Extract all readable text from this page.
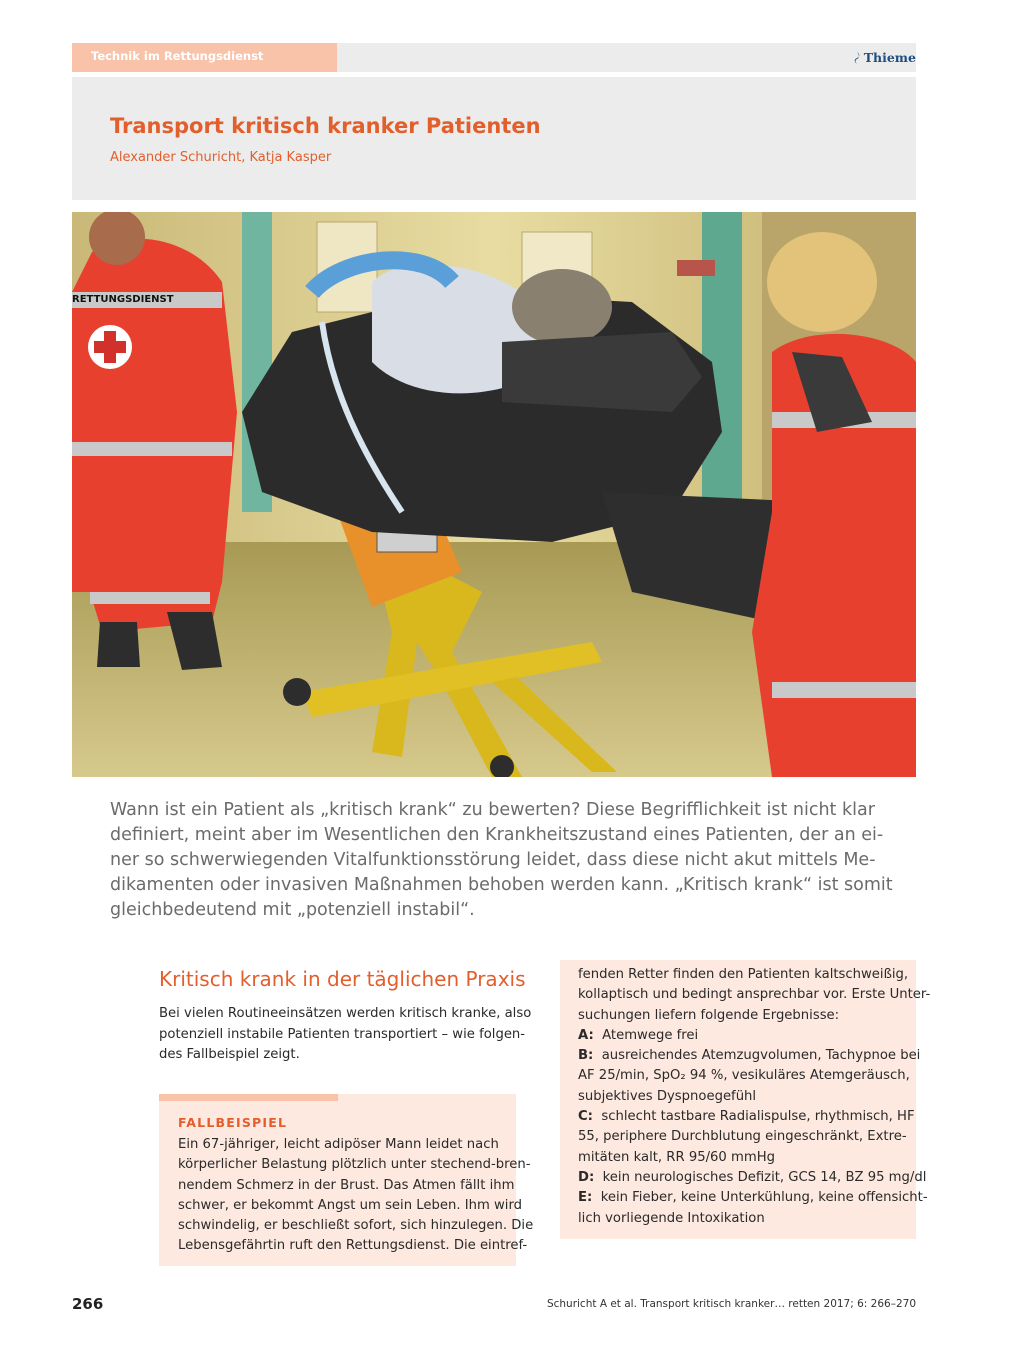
Technik im Rettungsdienst	Thieme
Transport kritisch kranker Patienten
Alexander Schuricht, Katja Kasper
RETTUNGSDIENST

Wann ist ein Patient als „kritisch krank“ zu bewerten? Diese Begrifflichkeit ist nicht klar
definiert, meint aber im Wesentlichen den Krankheitszustand eines Patienten, der an ei-
ner so schwerwiegenden Vitalfunktionsstörung leidet, dass diese nicht akut mittels Me-
dikamenten oder invasiven Maßnahmen behoben werden kann. „Kritisch krank“ ist somit
gleichbedeutend mit „potenziell instabil“.

Kritisch krank in der täglichen Praxis

Bei vielen Routineeinsätzen werden kritisch kranke, also
potenziell instabile Patienten transportiert – wie folgen-
des Fallbeispiel zeigt.

FALLBEISPIEL
Ein 67-jähriger, leicht adipöser Mann leidet nach
körperlicher Belastung plötzlich unter stechend-bren-
nendem Schmerz in der Brust. Das Atmen fällt ihm
schwer, er bekommt Angst um sein Leben. Ihm wird
schwindelig, er beschließt sofort, sich hinzulegen. Die
Lebensgefährtin ruft den Rettungsdienst. Die eintref-
fenden Retter finden den Patienten kaltschweißig,
kollaptisch und bedingt ansprechbar vor. Erste Unter-
suchungen liefern folgende Ergebnisse:
A: Atemwege frei
B: ausreichendes Atemzugvolumen, Tachypnoe bei
AF 25/min, SpO₂ 94 %, vesikuläres Atemgeräusch,
subjektives Dyspnoegefühl
C: schlecht tastbare Radialispulse, rhythmisch, HF
55, periphere Durchblutung eingeschränkt, Extre-
mitäten kalt, RR 95/60 mmHg
D: kein neurologisches Defizit, GCS 14, BZ 95 mg/dl
E: kein Fieber, keine Unterkühlung, keine offensicht-
lich vorliegende Intoxikation
266	Schuricht A et al. Transport kritisch kranker… retten 2017; 6: 266–270
